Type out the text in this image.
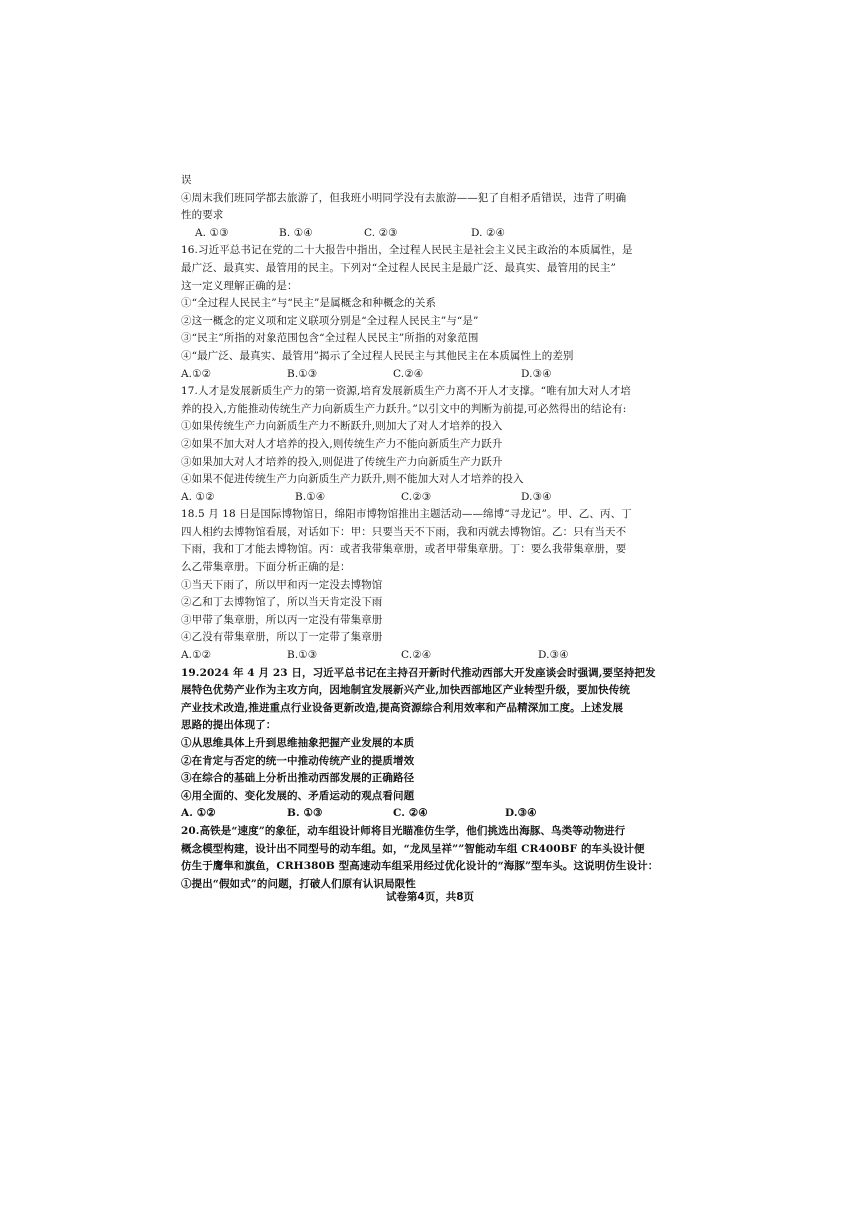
误
④周末我们班同学都去旅游了，但我班小明同学没有去旅游——犯了自相矛盾错误，违背了明确
性的要求
A. ①③	B. ①④	C. ②③	D. ②④
16.习近平总书记在党的二十大报告中指出，全过程人民民主是社会主义民主政治的本质属性，是
最广泛、最真实、最管用的民主。下列对“全过程人民民主是最广泛、最真实、最管用的民主”
这一定义理解正确的是：
①“全过程人民民主”与“民主”是属概念和种概念的关系
②这一概念的定义项和定义联项分别是“全过程人民民主”与“是”
③“民主”所指的对象范围包含“全过程人民民主”所指的对象范围
④“最广泛、最真实、最管用”揭示了全过程人民民主与其他民主在本质属性上的差别
A.①②	B.①③	C.②④	D.③④
17.人才是发展新质生产力的第一资源,培育发展新质生产力离不开人才支撑。“唯有加大对人才培
养的投入,方能推动传统生产力向新质生产力跃升。”以引文中的判断为前提,可必然得出的结论有:
①如果传统生产力向新质生产力不断跃升,则加大了对人才培养的投入
②如果不加大对人才培养的投入,则传统生产力不能向新质生产力跃升
③如果加大对人才培养的投入,则促进了传统生产力向新质生产力跃升
④如果不促进传统生产力向新质生产力跃升,则不能加大对人才培养的投入
A. ①②	B.①④	C.②③	D.③④
18.5 月 18 日是国际博物馆日，绵阳市博物馆推出主题活动——绵博“寻龙记”。甲、乙、丙、丁
四人相约去博物馆看展，对话如下：甲：只要当天不下雨，我和丙就去博物馆。乙：只有当天不
下雨，我和丁才能去博物馆。丙：或者我带集章册，或者甲带集章册。丁：要么我带集章册，要
么乙带集章册。下面分析正确的是：
①当天下雨了，所以甲和丙一定没去博物馆
②乙和丁去博物馆了，所以当天肯定没下雨
③甲带了集章册，所以丙一定没有带集章册
④乙没有带集章册，所以丁一定带了集章册
A.①②	B.①③	C.②④	D.③④
19.2024 年 4 月 23 日，习近平总书记在主持召开新时代推动西部大开发座谈会时强调,要坚持把发
展特色优势产业作为主攻方向，因地制宜发展新兴产业,加快西部地区产业转型升级，要加快传统
产业技术改造,推进重点行业设备更新改造,提高资源综合利用效率和产品精深加工度。上述发展
思路的提出体现了：
①从思维具体上升到思维抽象把握产业发展的本质
②在肯定与否定的统一中推动传统产业的提质增效
③在综合的基础上分析出推动西部发展的正确路径
④用全面的、变化发展的、矛盾运动的观点看问题
A. ①②	B. ①③	C. ②④	D.③④
20.高铁是“速度”的象征，动车组设计师将目光瞄准仿生学，他们挑选出海豚、鸟类等动物进行
概念模型构建，设计出不同型号的动车组。如，“龙凤呈祥””智能动车组 CR400BF 的车头设计便
仿生于鹰隼和旗鱼，CRH380B 型高速动车组采用经过优化设计的“海豚”型车头。这说明仿生设计：
①提出“假如式”的问题，打破人们原有认识局限性
试卷第4页，共8页
